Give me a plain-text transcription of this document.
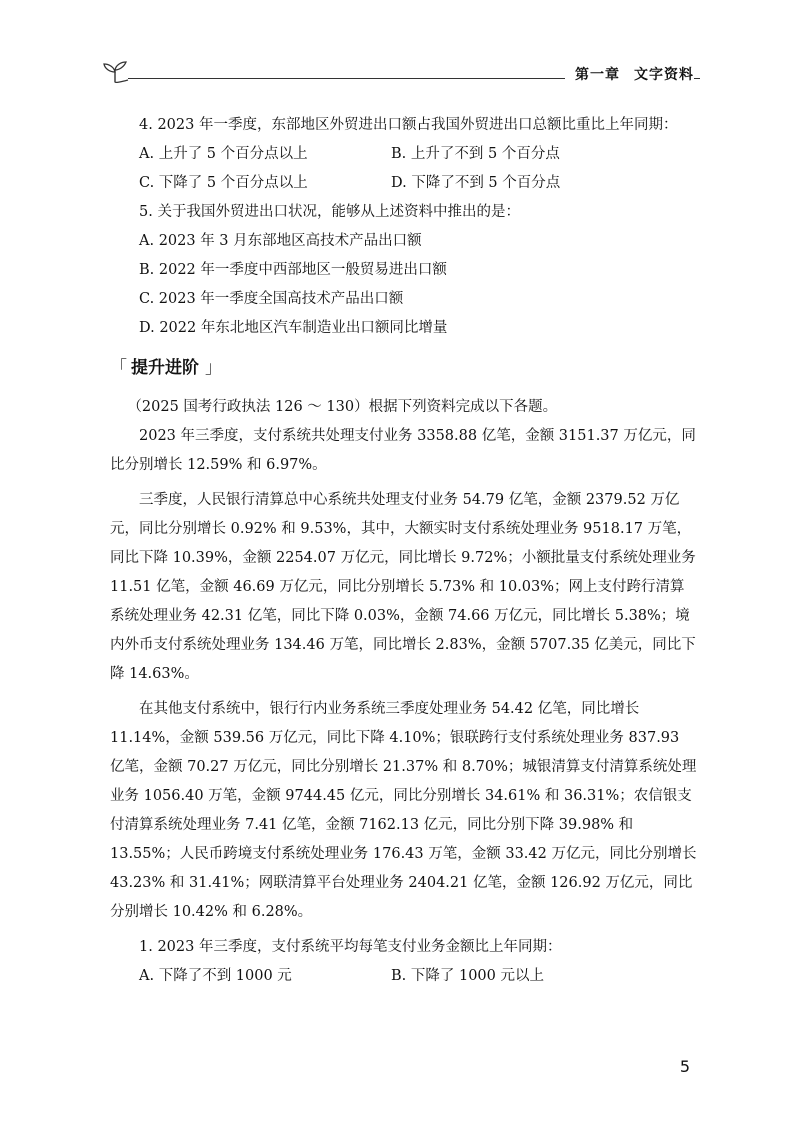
第一章 文字资料
4. 2023 年一季度，东部地区外贸进出口额占我国外贸进出口总额比重比上年同期：
A. 上升了 5 个百分点以上	B. 上升了不到 5 个百分点
C. 下降了 5 个百分点以上	D. 下降了不到 5 个百分点
5. 关于我国外贸进出口状况，能够从上述资料中推出的是：
A. 2023 年 3 月东部地区高技术产品出口额
B. 2022 年一季度中西部地区一般贸易进出口额
C. 2023 年一季度全国高技术产品出口额
D. 2022 年东北地区汽车制造业出口额同比增量
「 提升进阶 」

（2025 国考行政执法 126 ～ 130）根据下列资料完成以下各题。

2023 年三季度，支付系统共处理支付业务 3358.88 亿笔，金额 3151.37 万亿元，同比分别增长 12.59% 和 6.97%。

三季度，人民银行清算总中心系统共处理支付业务 54.79 亿笔，金额 2379.52 万亿元，同比分别增长 0.92% 和 9.53%，其中，大额实时支付系统处理业务 9518.17 万笔，同比下降 10.39%，金额 2254.07 万亿元，同比增长 9.72%；小额批量支付系统处理业务 11.51 亿笔，金额 46.69 万亿元，同比分别增长 5.73% 和 10.03%；网上支付跨行清算系统处理业务 42.31 亿笔，同比下降 0.03%，金额 74.66 万亿元，同比增长 5.38%；境内外币支付系统处理业务 134.46 万笔，同比增长 2.83%，金额 5707.35 亿美元，同比下降 14.63%。

在其他支付系统中，银行行内业务系统三季度处理业务 54.42 亿笔，同比增长 11.14%，金额 539.56 万亿元，同比下降 4.10%；银联跨行支付系统处理业务 837.93 亿笔，金额 70.27 万亿元，同比分别增长 21.37% 和 8.70%；城银清算支付清算系统处理业务 1056.40 万笔，金额 9744.45 亿元，同比分别增长 34.61% 和 36.31%；农信银支付清算系统处理业务 7.41 亿笔，金额 7162.13 亿元，同比分别下降 39.98% 和 13.55%；人民币跨境支付系统处理业务 176.43 万笔，金额 33.42 万亿元，同比分别增长 43.23% 和 31.41%；网联清算平台处理业务 2404.21 亿笔，金额 126.92 万亿元，同比分别增长 10.42% 和 6.28%。

1. 2023 年三季度，支付系统平均每笔支付业务金额比上年同期：
A. 下降了不到 1000 元	B. 下降了 1000 元以上
5
